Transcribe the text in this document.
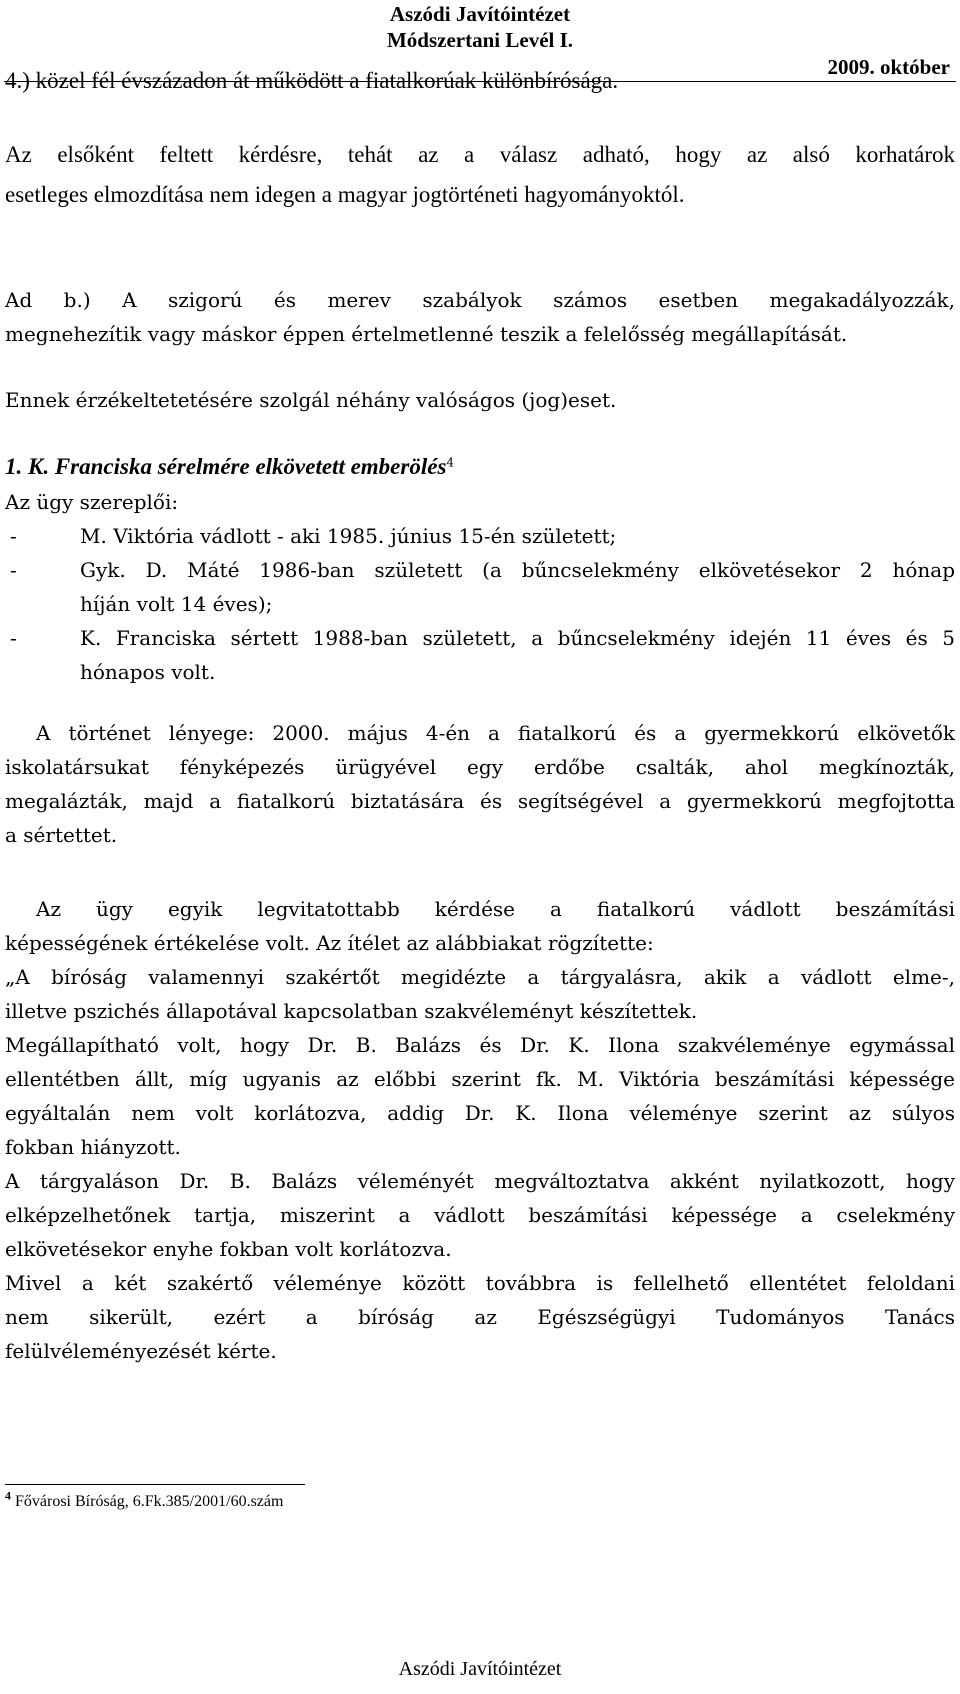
Aszódi Javítóintézet
Módszertani Levél I.
2009. október

4.) közel fél évszázadon át működött a fiatalkorúak különbírósága.

Az elsőként feltett kérdésre, tehát az a válasz adható, hogy az alsó korhatárok

esetleges elmozdítása nem idegen a magyar jogtörténeti hagyományoktól.

Ad b.) A szigorú és merev szabályok számos esetben megakadályozzák,

megnehezítik vagy máskor éppen értelmetlenné teszik a felelősség megállapítását.

Ennek érzékeltetetésére szolgál néhány valóságos (jog)eset.

1. K. Franciska sérelmére elkövetett emberölés$^4$

Az ügy szereplői:

-	M. Viktória vádlott - aki 1985. június 15-én született;
-	Gyk. D. Máté 1986-ban született (a bűncselekmény elkövetésekor 2 hónap
híján volt 14 éves);
-	K. Franciska sértett 1988-ban született, a bűncselekmény idején 11 éves és 5
hónapos volt.

A történet lényege: 2000. május 4-én a fiatalkorú és a gyermekkorú elkövetők

iskolatársukat fényképezés ürügyével egy erdőbe csalták, ahol megkínozták,

megalázták, majd a fiatalkorú biztatására és segítségével a gyermekkorú megfojtotta

a sértettet.

Az ügy egyik legvitatottabb kérdése a fiatalkorú vádlott beszámítási

képességének értékelése volt. Az ítélet az alábbiakat rögzítette:

„A bíróság valamennyi szakértőt megidézte a tárgyalásra, akik a vádlott elme-,

illetve pszichés állapotával kapcsolatban szakvéleményt készítettek.

Megállapítható volt, hogy Dr. B. Balázs és Dr. K. Ilona szakvéleménye egymással

ellentétben állt, míg ugyanis az előbbi szerint fk. M. Viktória beszámítási képessége

egyáltalán nem volt korlátozva, addig Dr. K. Ilona véleménye szerint az súlyos

fokban hiányzott.

A tárgyaláson Dr. B. Balázs véleményét megváltoztatva akként nyilatkozott, hogy

elképzelhetőnek tartja, miszerint a vádlott beszámítási képessége a cselekmény

elkövetésekor enyhe fokban volt korlátozva.

Mivel a két szakértő véleménye között továbbra is fellelhető ellentétet feloldani

nem sikerült, ezért a bíróság az Egészségügyi Tudományos Tanács

felülvéleményezését kérte.

$^4$ Fővárosi Bíróság, 6.Fk.385/2001/60.szám
Aszódi Javítóintézet
